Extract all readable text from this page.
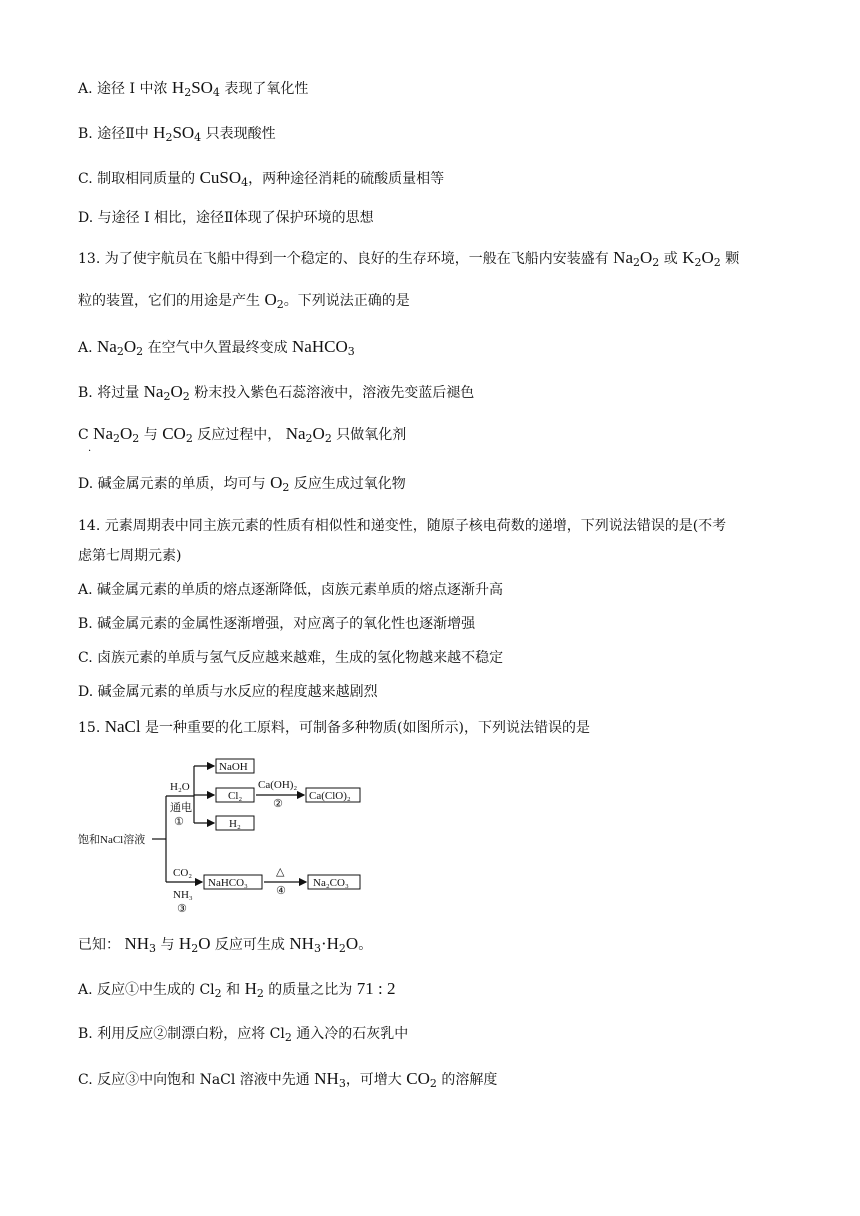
A. 途径 I 中浓 $H_2SO_4$ 表现了氧化性
B. 途径Ⅱ中 $H_2SO_4$ 只表现酸性
C. 制取相同质量的 CuSO$_4$，两种途径消耗的硫酸质量相等
D. 与途径 I 相比，途径Ⅱ体现了保护环境的思想
13. 为了使宇航员在飞船中得到一个稳定的、良好的生存环境，一般在飞船内安装盛有 $Na_2O_2$ 或 $K_2O_2$ 颗
粒的装置，它们的用途是产生 $O_2$。下列说法正确的是
A. $Na_2O_2$ 在空气中久置最终变成 NaHCO$_3$
B. 将过量 $Na_2O_2$ 粉末投入紫色石蕊溶液中，溶液先变蓝后褪色
C $Na_2O_2$ 与 $CO_2$ 反应过程中， $Na_2O_2$ 只做氧化剂
·
D. 碱金属元素的单质，均可与 $O_2$ 反应生成过氧化物
14. 元素周期表中同主族元素的性质有相似性和递变性，随原子核电荷数的递增，下列说法错误的是(不考
虑第七周期元素)
A. 碱金属元素的单质的熔点逐渐降低，卤族元素单质的熔点逐渐升高
B. 碱金属元素的金属性逐渐增强，对应离子的氧化性也逐渐增强
C. 卤族元素的单质与氢气反应越来越难，生成的氢化物越来越不稳定
D. 碱金属元素的单质与水反应的程度越来越剧烈
15. NaCl 是一种重要的化工原料，可制备多种物质(如图所示)，下列说法错误的是
饱和NaCl溶液
H₂O
通电
①
NaOH
Cl₂
H₂
Ca(OH)₂
②
Ca(ClO)₂
CO₂
NH₃
③
NaHCO₃
△
④
Na₂CO₃
已知： $NH_3$ 与 $H_2O$ 反应可生成 $NH_3\cdot H_2O$。
A. 反应①中生成的 $Cl_2$ 和 $H_2$ 的质量之比为 71 : 2
B. 利用反应②制漂白粉，应将 $Cl_2$ 通入冷的石灰乳中
C. 反应③中向饱和 NaCl 溶液中先通 $NH_3$，可增大 $CO_2$ 的溶解度
